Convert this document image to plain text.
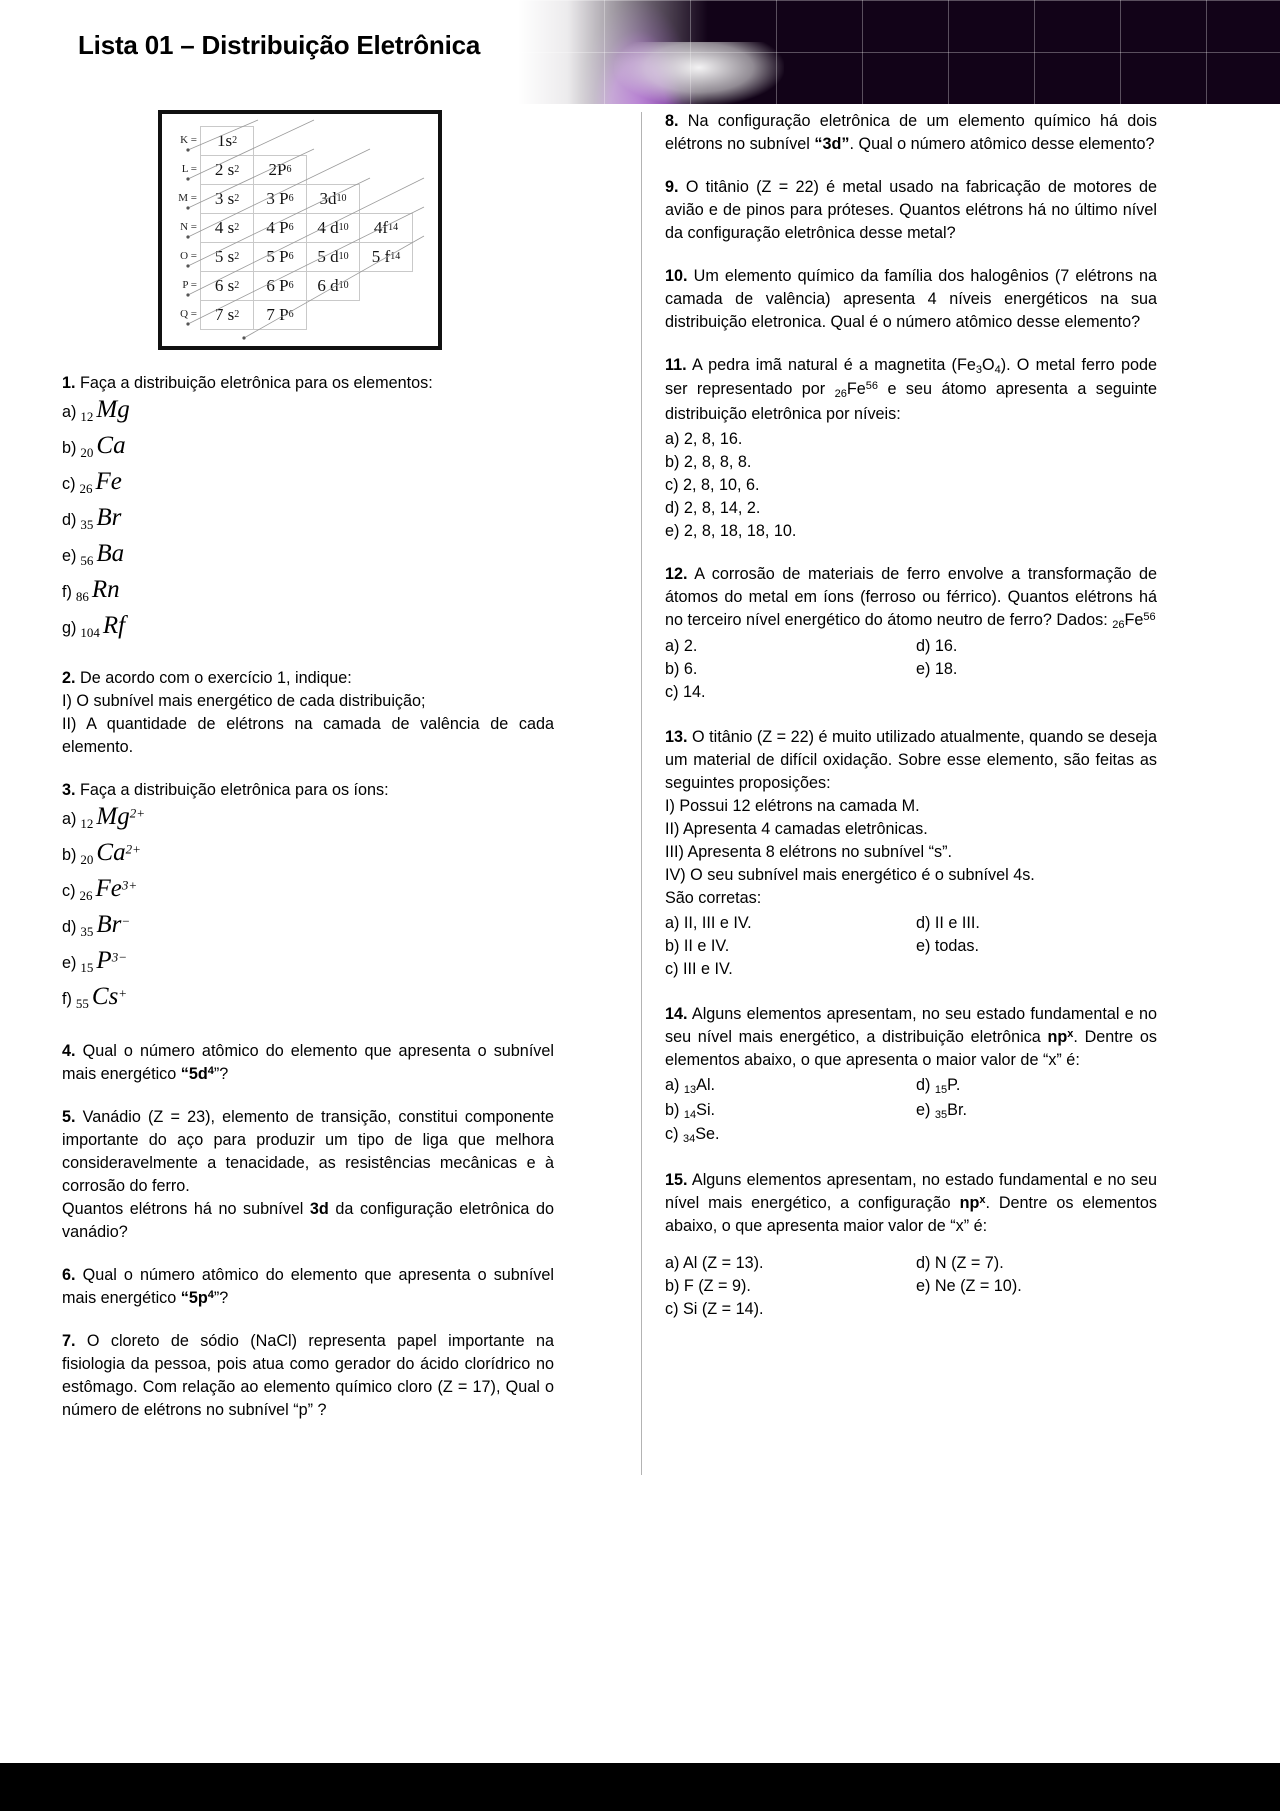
Lista 01 – Distribuição Eletrônica
K =	1s 2
L =	2 s 2	2P 6
M =	3 s 2	3 P 6	3d 10
N =	4 s 2	4 P 6	4 d 10	4f 14
O =	5 s 2	5 P 6	5 d 10	5 f 14
P =	6 s 2	6 P 6	6 d 10
Q =	7 s 2	7 P 6
1. Faça a distribuição eletrônica para os elementos:
a) $_{12}$ Mg
b) $_{20}$ Ca
c) $_{26}$ Fe
d) $_{35}$ Br
e) $_{56}$ Ba
f) $_{86}$ Rn
g) $_{104}$ Rf
2. De acordo com o exercício 1, indique:
I) O subnível mais energético de cada distribuição;
II) A quantidade de elétrons na camada de valência de cada elemento.
3. Faça a distribuição eletrônica para os íons:
a) $_{12}$ $Mg^{2+}$
b) $_{20}$ $Ca^{2+}$
c) $_{26}$ $Fe^{3+}$
d) $_{35}$ Br−
e) $_{15}$ $P^{3-}$
f) $_{55}$ Cs+
4. Qual o número atômico do elemento que apresenta o subnível mais energético “$5d^4$”?
5. Vanádio (Z = 23), elemento de transição, constitui componente importante do aço para produzir um tipo de liga que melhora consideravelmente a tenacidade, as resistências mecânicas e à corrosão do ferro.
Quantos elétrons há no subnível 3d da configuração eletrônica do vanádio?
6. Qual o número atômico do elemento que apresenta o subnível mais energético “$5p^4$”?
7. O cloreto de sódio (NaCl) representa papel importante na fisiologia da pessoa, pois atua como gerador do ácido clorídrico no estômago. Com relação ao elemento químico cloro (Z = 17), Qual o número de elétrons no subnível “p” ?
8. Na configuração eletrônica de um elemento químico há dois elétrons no subnível “3d”. Qual o número atômico desse elemento?
9. O titânio (Z = 22) é metal usado na fabricação de motores de avião e de pinos para próteses. Quantos elétrons há no último nível da configuração eletrônica desse metal?
10. Um elemento químico da família dos halogênios (7 elétrons na camada de valência) apresenta 4 níveis energéticos na sua distribuição eletronica. Qual é o número atômico desse elemento?
11. A pedra imã natural é a magnetita $(Fe_3O_4)$. O metal ferro pode ser representado por $_{26}Fe^{56}$ e seu átomo apresenta a seguinte distribuição eletrônica por níveis:
a) 2, 8, 16.
b) 2, 8, 8, 8.
c) 2, 8, 10, 6.
d) 2, 8, 14, 2.
e) 2, 8, 18, 18, 10.
12. A corrosão de materiais de ferro envolve a transformação de átomos do metal em íons (ferroso ou férrico). Quantos elétrons há no terceiro nível energético do átomo neutro de ferro? Dados: $_{26}Fe^{56}$
a) 2.
b) 6.
c) 14.
d) 16.
e) 18.
13. O titânio (Z = 22) é muito utilizado atualmente, quando se deseja um material de difícil oxidação. Sobre esse elemento, são feitas as seguintes proposições:
I) Possui 12 elétrons na camada M.
II) Apresenta 4 camadas eletrônicas.
III) Apresenta 8 elétrons no subnível “s”.
IV) O seu subnível mais energético é o subnível 4s.
São corretas:
a) II, III e IV.
b) II e IV.
c) III e IV.
d) II e III.
e) todas.
14. Alguns elementos apresentam, no seu estado fundamental e no seu nível mais energético, a distribuição eletrônica $np^x$. Dentre os elementos abaixo, o que apresenta o maior valor de “x” é:
a) $_{13}$Al.
b) $_{14}$Si.
c) $_{34}$Se.
d) $_{15}$P.
e) $_{35}$Br.
15. Alguns elementos apresentam, no estado fundamental e no seu nível mais energético, a configuração $np^x$. Dentre os elementos abaixo, o que apresenta maior valor de “x” é:
a) Al (Z = 13).
b) F (Z = 9).
c) Si (Z = 14).
d) N (Z = 7).
e) Ne (Z = 10).
